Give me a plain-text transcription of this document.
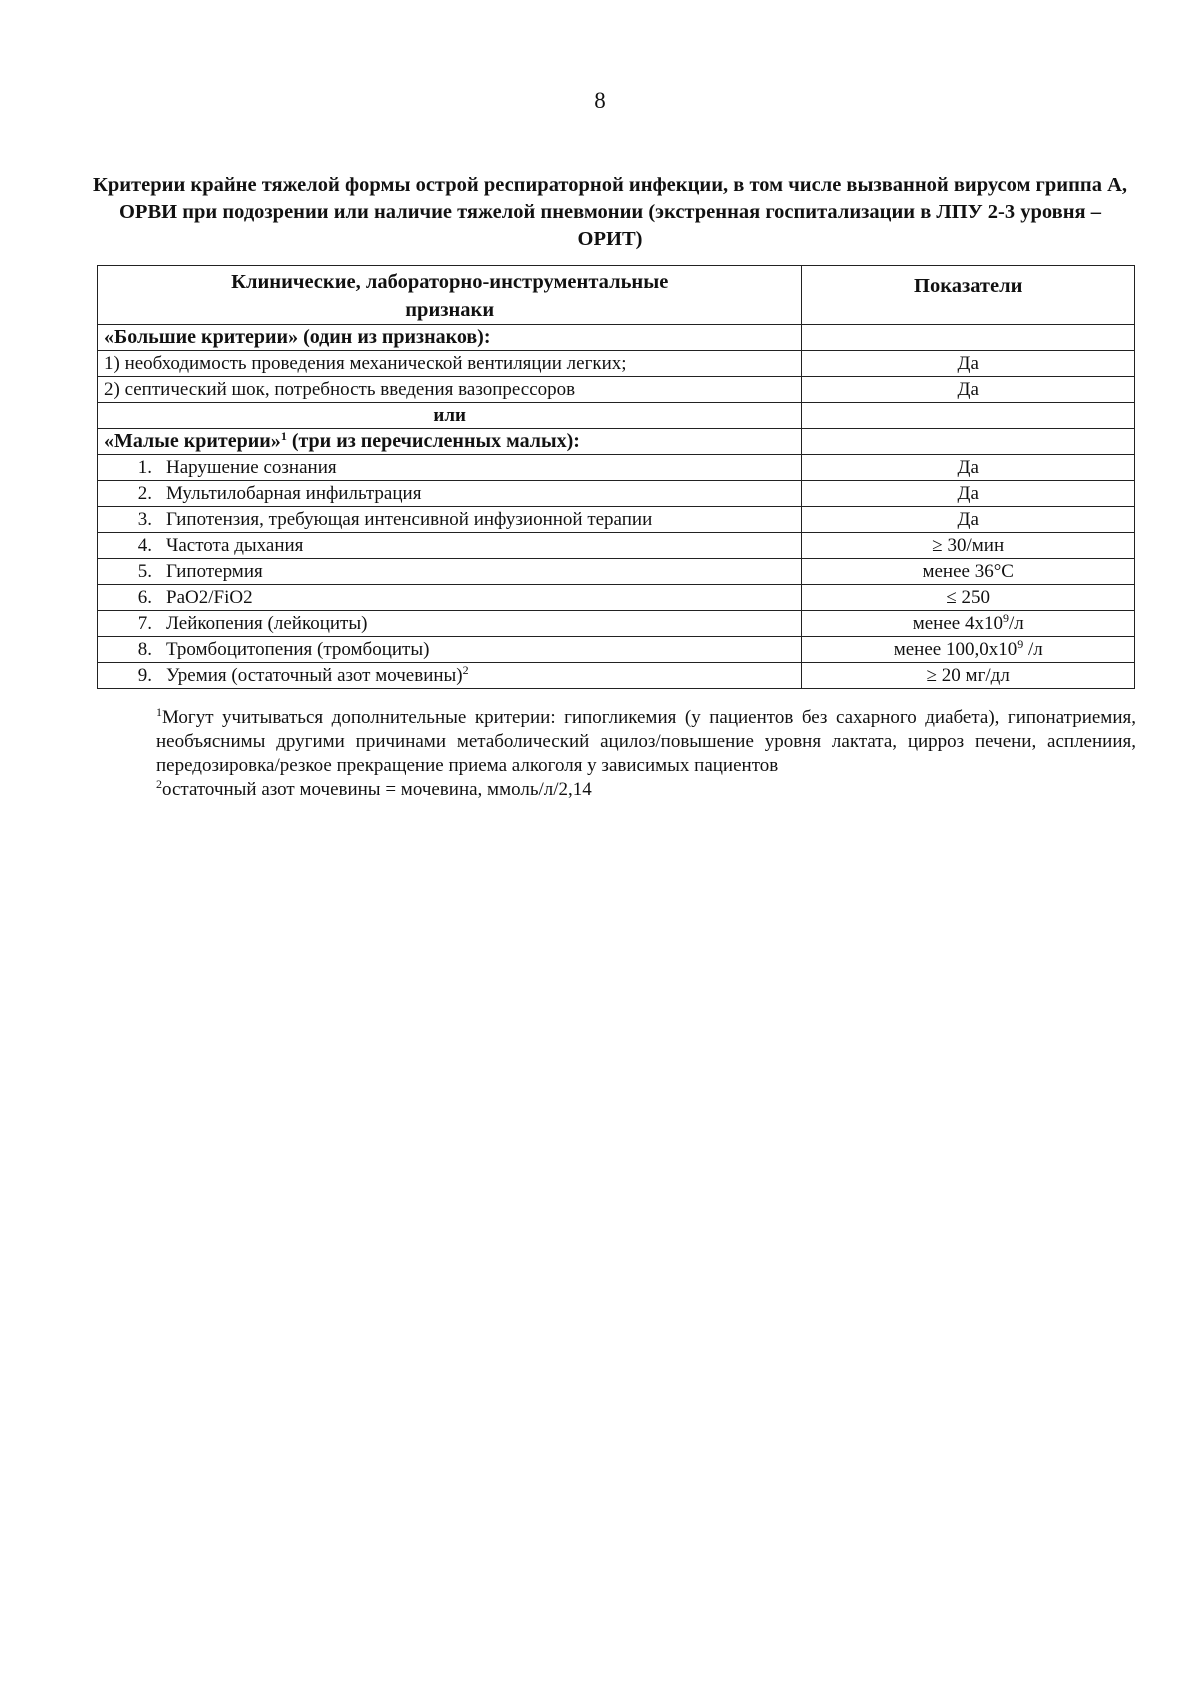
8
Критерии крайне тяжелой формы острой респираторной инфекции, в том числе вызванной вирусом гриппа А, ОРВИ при подозрении или наличие тяжелой пневмонии (экстренная госпитализации в ЛПУ 2-3 уровня – ОРИТ)
Клинические, лабораторно-инструментальные признаки	Показатели
«Большие критерии» (один из признаков):	
1) необходимость проведения механической вентиляции легких;	Да
2) септический шок, потребность введения вазопрессоров	Да
или	
«Малые критерии»$^1$ (три из перечисленных малых):	
1. Нарушение сознания	Да
2. Мультилобарная инфильтрация	Да
3. Гипотензия, требующая интенсивной инфузионной терапии	Да
4. Частота дыхания	≥ 30/мин
5. Гипотермия	менее 36°С
6. PaO2/FiO2	≤ 250
7. Лейкопения (лейкоциты)	менее $4х10^9/л$
8. Тромбоцитопения (тромбоциты)	менее $100,0х10^9$ /л
9. Уремия (остаточный азот мочевины)$^2$	≥ 20 мг/дл

$^1$Могут учитываться дополнительные критерии: гипогликемия (у пациентов без сахарного диабета), гипонатриемия, необъяснимы другими причинами метаболический ацилоз/повышение уровня лактата, цирроз печени, асплениия, передозировка/резкое прекращение приема алкоголя у зависимых пациентов

$^2$остаточный азот мочевины = мочевина, ммоль/л/2,14
